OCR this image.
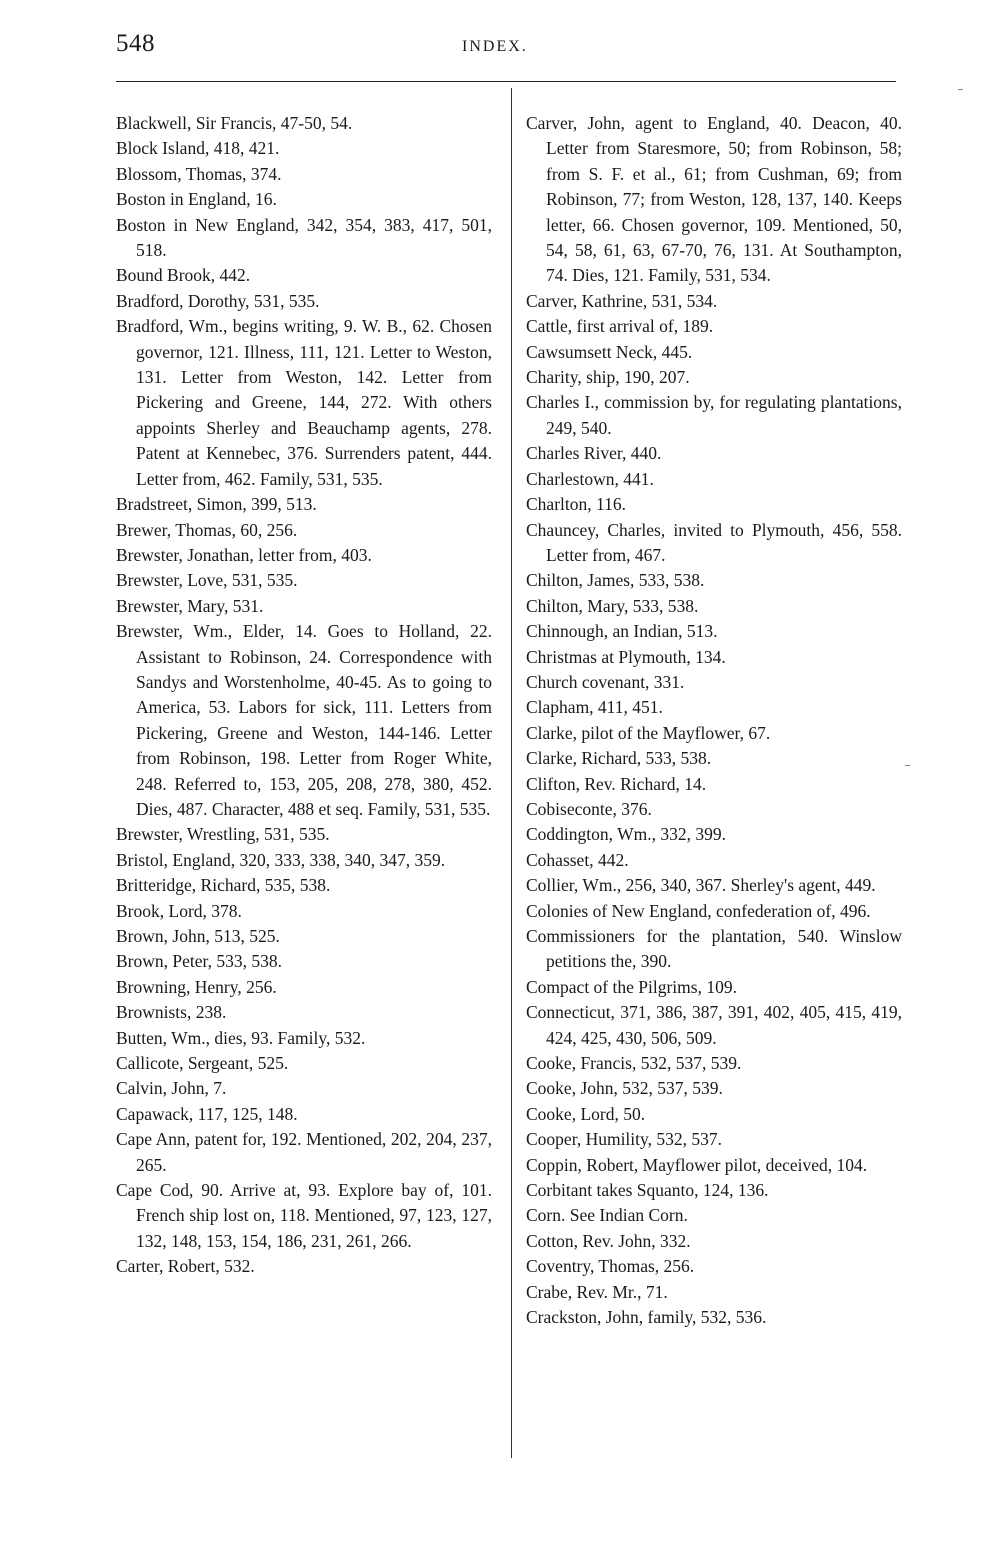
548	INDEX.

Blackwell, Sir Francis, 47-50, 54.

Block Island, 418, 421.

Blossom, Thomas, 374.

Boston in England, 16.

Boston in New England, 342, 354, 383, 417, 501, 518.

Bound Brook, 442.

Bradford, Dorothy, 531, 535.

Bradford, Wm., begins writing, 9. W. B., 62. Chosen governor, 121. Illness, 111, 121. Letter to Weston, 131. Letter from Weston, 142. Letter from Pickering and Greene, 144, 272. With others appoints Sherley and Beauchamp agents, 278. Patent at Kennebec, 376. Surrenders patent, 444. Letter from, 462. Family, 531, 535.

Bradstreet, Simon, 399, 513.

Brewer, Thomas, 60, 256.

Brewster, Jonathan, letter from, 403.

Brewster, Love, 531, 535.

Brewster, Mary, 531.

Brewster, Wm., Elder, 14. Goes to Holland, 22. Assistant to Robinson, 24. Correspondence with Sandys and Worstenholme, 40-45. As to going to America, 53. Labors for sick, 111. Letters from Pickering, Greene and Weston, 144-146. Letter from Robinson, 198. Letter from Roger White, 248. Referred to, 153, 205, 208, 278, 380, 452. Dies, 487. Character, 488 et seq. Family, 531, 535.

Brewster, Wrestling, 531, 535.

Bristol, England, 320, 333, 338, 340, 347, 359.

Britteridge, Richard, 535, 538.

Brook, Lord, 378.

Brown, John, 513, 525.

Brown, Peter, 533, 538.

Browning, Henry, 256.

Brownists, 238.

Butten, Wm., dies, 93. Family, 532.

Callicote, Sergeant, 525.

Calvin, John, 7.

Capawack, 117, 125, 148.

Cape Ann, patent for, 192. Mentioned, 202, 204, 237, 265.

Cape Cod, 90. Arrive at, 93. Explore bay of, 101. French ship lost on, 118. Mentioned, 97, 123, 127, 132, 148, 153, 154, 186, 231, 261, 266.

Carter, Robert, 532.

Carver, John, agent to England, 40. Deacon, 40. Letter from Staresmore, 50; from Robinson, 58; from S. F. et al., 61; from Cushman, 69; from Robinson, 77; from Weston, 128, 137, 140. Keeps letter, 66. Chosen governor, 109. Mentioned, 50, 54, 58, 61, 63, 67-70, 76, 131. At Southampton, 74. Dies, 121. Family, 531, 534.

Carver, Kathrine, 531, 534.

Cattle, first arrival of, 189.

Cawsumsett Neck, 445.

Charity, ship, 190, 207.

Charles I., commission by, for regulating plantations, 249, 540.

Charles River, 440.

Charlestown, 441.

Charlton, 116.

Chauncey, Charles, invited to Plymouth, 456, 558. Letter from, 467.

Chilton, James, 533, 538.

Chilton, Mary, 533, 538.

Chinnough, an Indian, 513.

Christmas at Plymouth, 134.

Church covenant, 331.

Clapham, 411, 451.

Clarke, pilot of the Mayflower, 67.

Clarke, Richard, 533, 538.

Clifton, Rev. Richard, 14.

Cobiseconte, 376.

Coddington, Wm., 332, 399.

Cohasset, 442.

Collier, Wm., 256, 340, 367. Sherley's agent, 449.

Colonies of New England, confederation of, 496.

Commissioners for the plantation, 540. Winslow petitions the, 390.

Compact of the Pilgrims, 109.

Connecticut, 371, 386, 387, 391, 402, 405, 415, 419, 424, 425, 430, 506, 509.

Cooke, Francis, 532, 537, 539.

Cooke, John, 532, 537, 539.

Cooke, Lord, 50.

Cooper, Humility, 532, 537.

Coppin, Robert, Mayflower pilot, deceived, 104.

Corbitant takes Squanto, 124, 136.

Corn. See Indian Corn.

Cotton, Rev. John, 332.

Coventry, Thomas, 256.

Crabe, Rev. Mr., 71.

Crackston, John, family, 532, 536.
